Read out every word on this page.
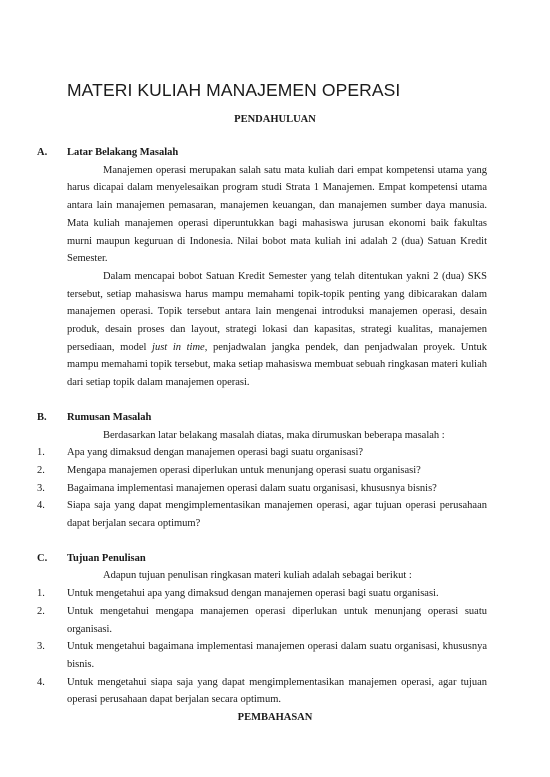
MATERI KULIAH MANAJEMEN OPERASI
PENDAHULUAN
A.	Latar Belakang Masalah
Manajemen operasi merupakan salah satu mata kuliah dari empat kompetensi utama yang harus dicapai dalam menyelesaikan program studi Strata 1 Manajemen. Empat kompetensi utama antara lain manajemen pemasaran, manajemen keuangan, dan manajemen sumber daya manusia. Mata kuliah manajemen operasi diperuntukkan bagi mahasiswa jurusan ekonomi baik fakultas murni maupun keguruan di Indonesia. Nilai bobot mata kuliah ini adalah 2 (dua) Satuan Kredit Semester.
Dalam mencapai bobot Satuan Kredit Semester yang telah ditentukan yakni 2 (dua) SKS tersebut, setiap mahasiswa harus mampu memahami topik-topik penting yang dibicarakan dalam manajemen operasi. Topik tersebut antara lain mengenai introduksi manajemen operasi, desain produk, desain proses dan layout, strategi lokasi dan kapasitas, strategi kualitas, manajemen persediaan, model just in time, penjadwalan jangka pendek, dan penjadwalan proyek. Untuk mampu memahami topik tersebut, maka setiap mahasiswa membuat sebuah ringkasan materi kuliah dari setiap topik dalam manajemen operasi.
B.	Rumusan Masalah
Berdasarkan latar belakang masalah diatas, maka dirumuskan beberapa masalah :
1.	Apa yang dimaksud dengan manajemen operasi bagi suatu organisasi?
2.	Mengapa manajemen operasi diperlukan untuk menunjang operasi suatu organisasi?
3.	Bagaimana implementasi manajemen operasi dalam suatu organisasi, khususnya bisnis?
4.	Siapa saja yang dapat mengimplementasikan manajemen operasi, agar tujuan operasi perusahaan dapat berjalan secara optimum?
C.	Tujuan Penulisan
Adapun tujuan penulisan ringkasan materi kuliah adalah sebagai berikut :
1.	Untuk mengetahui apa yang dimaksud dengan manajemen operasi bagi suatu organisasi.
2.	Untuk mengetahui mengapa manajemen operasi diperlukan untuk menunjang operasi suatu organisasi.
3.	Untuk mengetahui bagaimana implementasi manajemen operasi dalam suatu organisasi, khususnya bisnis.
4.	Untuk mengetahui siapa saja yang dapat mengimplementasikan manajemen operasi, agar tujuan operasi perusahaan dapat berjalan secara optimum.
PEMBAHASAN
